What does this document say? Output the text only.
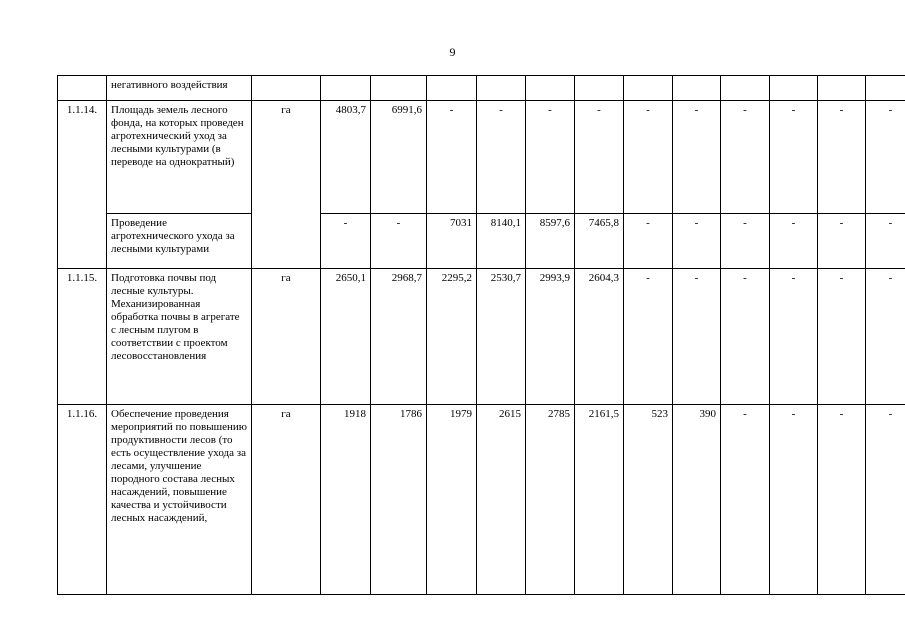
9
	негативного воздействия													
1.1.14.	Площадь земель лесного фонда, на которых проведен агротехнический уход за лесными культурами (в переводе на однократный)	га	4803,7	6991,6	-	-	-	-	-	-	-	-	-	-
	Проведение агротехнического ухода за лесными культурами		-	-	7031	8140,1	8597,6	7465,8	-	-	-	-	-	-
1.1.15.	Подготовка почвы под лесные культуры. Механизированная обработка почвы в агрегате с лесным плугом в соответствии с проектом лесовосстановления	га	2650,1	2968,7	2295,2	2530,7	2993,9	2604,3	-	-	-	-	-	-
1.1.16.	Обеспечение проведения мероприятий по повышению продуктивности лесов (то есть осуществление ухода за лесами, улучшение породного состава лесных насаждений, повышение качества и устойчивости лесных насаждений,	га	1918	1786	1979	2615	2785	2161,5	523	390	-	-	-	-
